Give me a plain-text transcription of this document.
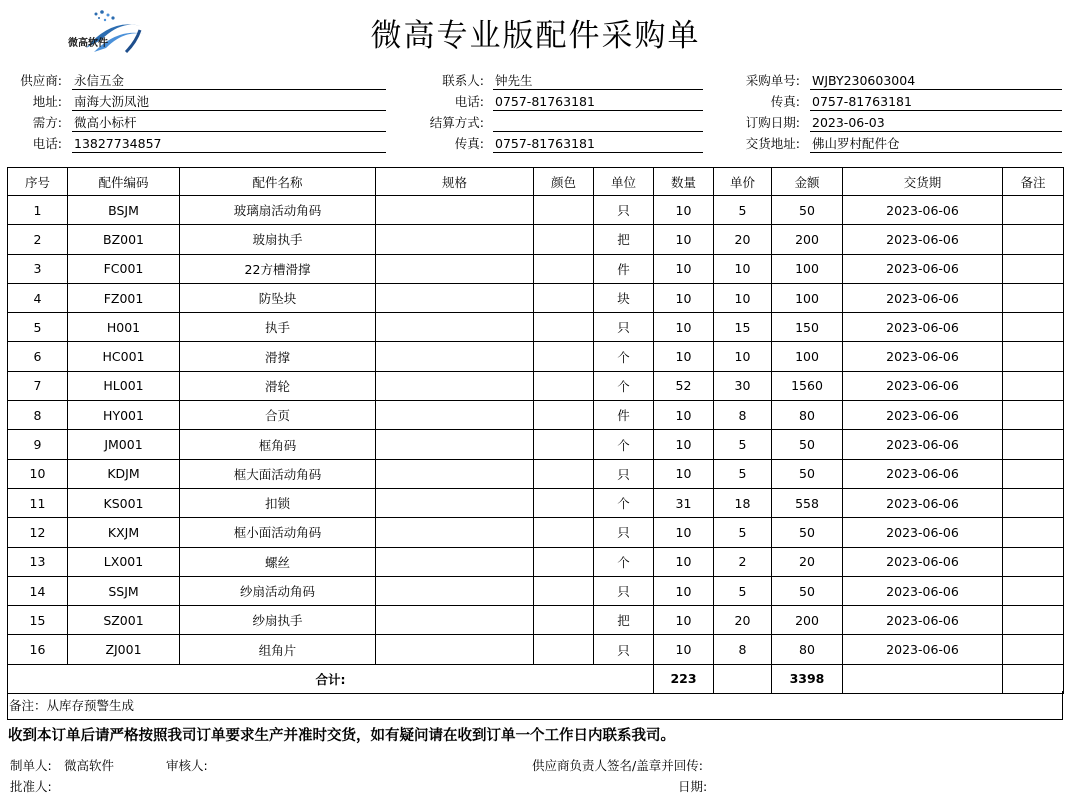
微高软件	微高专业版配件采购单
供应商: 永信五金	联系人: 钟先生	采购单号: WJBY230603004
地址: 南海大沥凤池	电话: 0757-81763181	传真: 0757-81763181
需方: 微高小标杆	结算方式:	订购日期: 2023-06-03
电话: 13827734857	传真: 0757-81763181	交货地址: 佛山罗村配件仓
序号	配件编码	配件名称	规格	颜色	单位	数量	单价	金额	交货期	备注
1	BSJM	玻璃扇活动角码			只	10	5	50	2023-06-06	
2	BZ001	玻扇执手			把	10	20	200	2023-06-06	
3	FC001	22方槽滑撑			件	10	10	100	2023-06-06	
4	FZ001	防坠块			块	10	10	100	2023-06-06	
5	H001	执手			只	10	15	150	2023-06-06	
6	HC001	滑撑			个	10	10	100	2023-06-06	
7	HL001	滑轮			个	52	30	1560	2023-06-06	
8	HY001	合页			件	10	8	80	2023-06-06	
9	JM001	框角码			个	10	5	50	2023-06-06	
10	KDJM	框大面活动角码			只	10	5	50	2023-06-06	
11	KS001	扣锁			个	31	18	558	2023-06-06	
12	KXJM	框小面活动角码			只	10	5	50	2023-06-06	
13	LX001	螺丝			个	10	2	20	2023-06-06	
14	SSJM	纱扇活动角码			只	10	5	50	2023-06-06	
15	SZ001	纱扇执手			把	10	20	200	2023-06-06	
16	ZJ001	组角片			只	10	8	80	2023-06-06	
合计:						223		3398		
备注：从库存预警生成
收到本订单后请严格按照我司订单要求生产并准时交货，如有疑问请在收到订单一个工作日内联系我司。
制单人: 微高软件	审核人:	供应商负责人签名/盖章并回传:
批准人:	日期:
